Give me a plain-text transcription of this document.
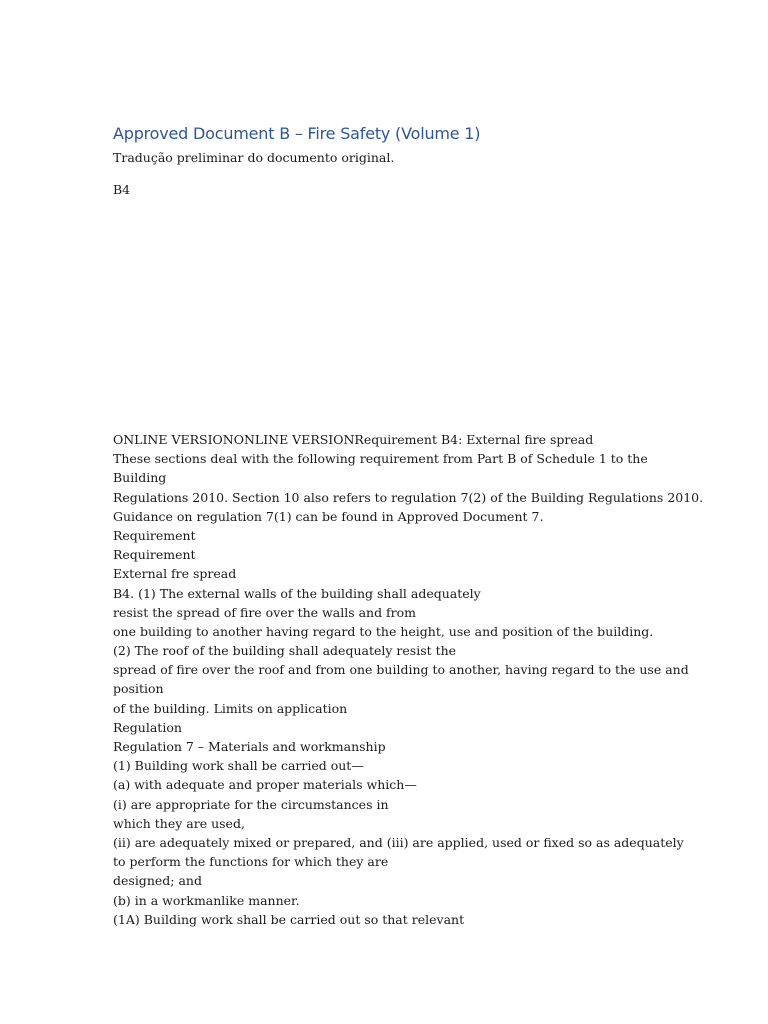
Approved Document B – Fire Safety (Volume 1)
Tradução preliminar do documento original.
B4
ONLINE VERSIONONLINE VERSIONRequirement B4: External fire spread
These sections deal with the following requirement from Part B of Schedule 1 to the
Building
Regulations 2010. Section 10 also refers to regulation 7(2) of the Building Regulations 2010.
Guidance on regulation 7(1) can be found in Approved Document 7.
Requirement
Requirement
External fre spread
B4. (1) The external walls of the building shall adequately
resist the spread of fire over the walls and from
one building to another having regard to the height, use and position of the building.
(2) The roof of the building shall adequately resist the
spread of fire over the roof and from one building to another, having regard to the use and
position
of the building. Limits on application
Regulation
Regulation 7 – Materials and workmanship
(1) Building work shall be carried out—
(a) with adequate and proper materials which—
(i) are appropriate for the circumstances in
which they are used,
(ii) are adequately mixed or prepared, and (iii) are applied, used or fixed so as adequately
to perform the functions for which they are
designed; and
(b) in a workmanlike manner.
(1A) Building work shall be carried out so that relevant
